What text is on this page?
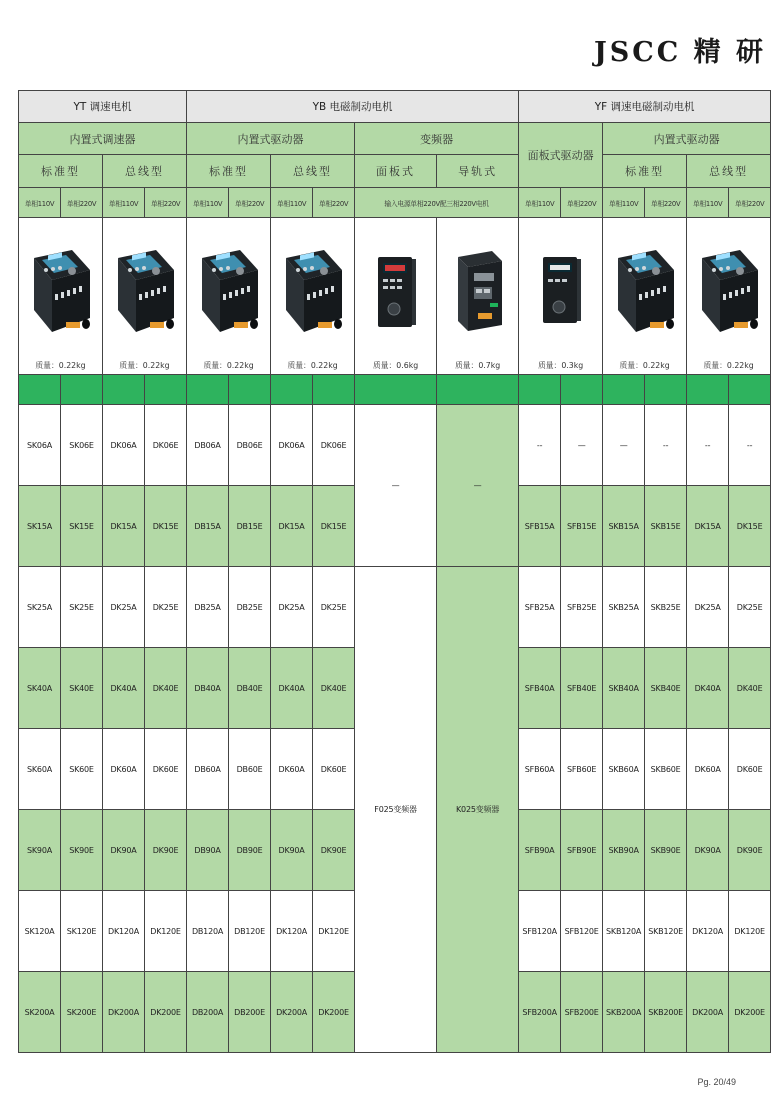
JSCC 精 研
YT 调速电机				YB 电磁制动电机						YF 调速电磁制动电机					
内置式调速器				内置式驱动器				变频器		面板式驱动器		内置式驱动器			
标准型		总线型		标准型		总线型		面板式	导轨式			标准型		总线型	
单相110V	单相220V	单相110V	单相220V	单相110V	单相220V	单相110V	单相220V	输入电源单相220V配三相220V电机		单相110V	单相220V	单相110V	单相220V	单相110V	单相220V

质量：0.22kg		质量：0.22kg		质量：0.22kg		质量：0.22kg		质量：0.6kg	质量：0.7kg	质量：0.3kg		质量：0.22kg		质量：0.22kg	

SK06A	SK06E	DK06A	DK06E	DB06A	DB06E	DK06A	DK06E	—	—	--	—	—	--	--	--
SK15A	SK15E	DK15A	DK15E	DB15A	DB15E	DK15A	DK15E			SFB15A	SFB15E	SKB15A	SKB15E	DK15A	DK15E
SK25A	SK25E	DK25A	DK25E	DB25A	DB25E	DK25A	DK25E	F025变频器	K025变频器	SFB25A	SFB25E	SKB25A	SKB25E	DK25A	DK25E
SK40A	SK40E	DK40A	DK40E	DB40A	DB40E	DK40A	DK40E			SFB40A	SFB40E	SKB40A	SKB40E	DK40A	DK40E
SK60A	SK60E	DK60A	DK60E	DB60A	DB60E	DK60A	DK60E			SFB60A	SFB60E	SKB60A	SKB60E	DK60A	DK60E
SK90A	SK90E	DK90A	DK90E	DB90A	DB90E	DK90A	DK90E			SFB90A	SFB90E	SKB90A	SKB90E	DK90A	DK90E
SK120A	SK120E	DK120A	DK120E	DB120A	DB120E	DK120A	DK120E			SFB120A	SFB120E	SKB120A	SKB120E	DK120A	DK120E
SK200A	SK200E	DK200A	DK200E	DB200A	DB200E	DK200A	DK200E			SFB200A	SFB200E	SKB200A	SKB200E	DK200A	DK200E
Pg. 20/49
